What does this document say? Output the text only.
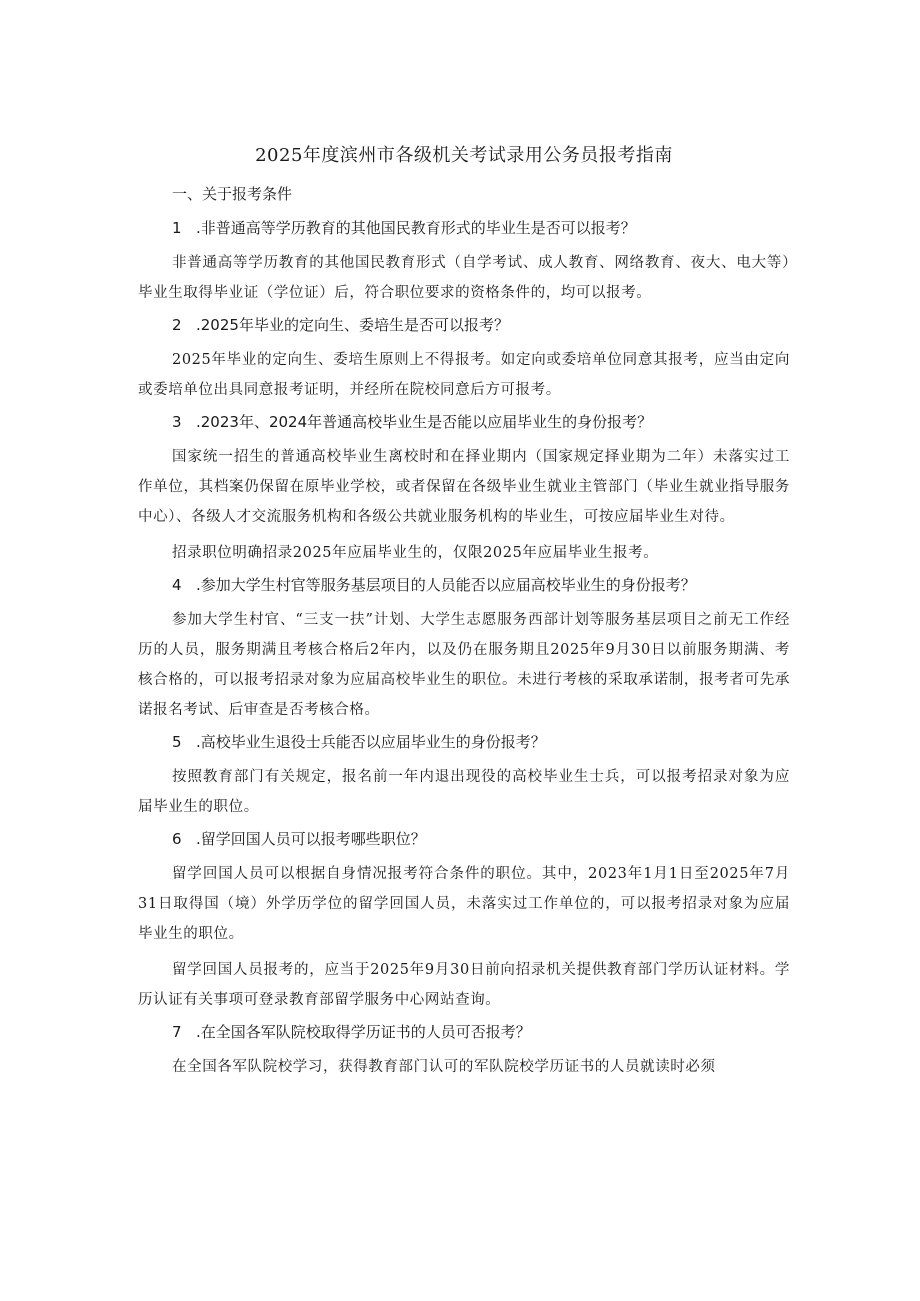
2025年度滨州市各级机关考试录用公务员报考指南
一、关于报考条件
1 .非普通高等学历教育的其他国民教育形式的毕业生是否可以报考？

非普通高等学历教育的其他国民教育形式（自学考试、成人教育、网络教育、夜大、电大等）毕业生取得毕业证（学位证）后，符合职位要求的资格条件的，均可以报考。

2 .2025年毕业的定向生、委培生是否可以报考？

2025年毕业的定向生、委培生原则上不得报考。如定向或委培单位同意其报考，应当由定向或委培单位出具同意报考证明，并经所在院校同意后方可报考。

3 .2023年、2024年普通高校毕业生是否能以应届毕业生的身份报考？

国家统一招生的普通高校毕业生离校时和在择业期内（国家规定择业期为二年）未落实过工作单位，其档案仍保留在原毕业学校，或者保留在各级毕业生就业主管部门（毕业生就业指导服务中心）、各级人才交流服务机构和各级公共就业服务机构的毕业生，可按应届毕业生对待。

招录职位明确招录2025年应届毕业生的，仅限2025年应届毕业生报考。

4 .参加大学生村官等服务基层项目的人员能否以应届高校毕业生的身份报考？

参加大学生村官、“三支一扶”计划、大学生志愿服务西部计划等服务基层项目之前无工作经历的人员，服务期满且考核合格后2年内，以及仍在服务期且2025年9月30日以前服务期满、考核合格的，可以报考招录对象为应届高校毕业生的职位。未进行考核的采取承诺制，报考者可先承诺报名考试、后审查是否考核合格。

5 .高校毕业生退役士兵能否以应届毕业生的身份报考？

按照教育部门有关规定，报名前一年内退出现役的高校毕业生士兵，可以报考招录对象为应届毕业生的职位。

6 .留学回国人员可以报考哪些职位？

留学回国人员可以根据自身情况报考符合条件的职位。其中，2023年1月1日至2025年7月31日取得国（境）外学历学位的留学回国人员，未落实过工作单位的，可以报考招录对象为应届毕业生的职位。

留学回国人员报考的，应当于2025年9月30日前向招录机关提供教育部门学历认证材料。学历认证有关事项可登录教育部留学服务中心网站查询。

7 .在全国各军队院校取得学历证书的人员可否报考？

在全国各军队院校学习，获得教育部门认可的军队院校学历证书的人员就读时必须
